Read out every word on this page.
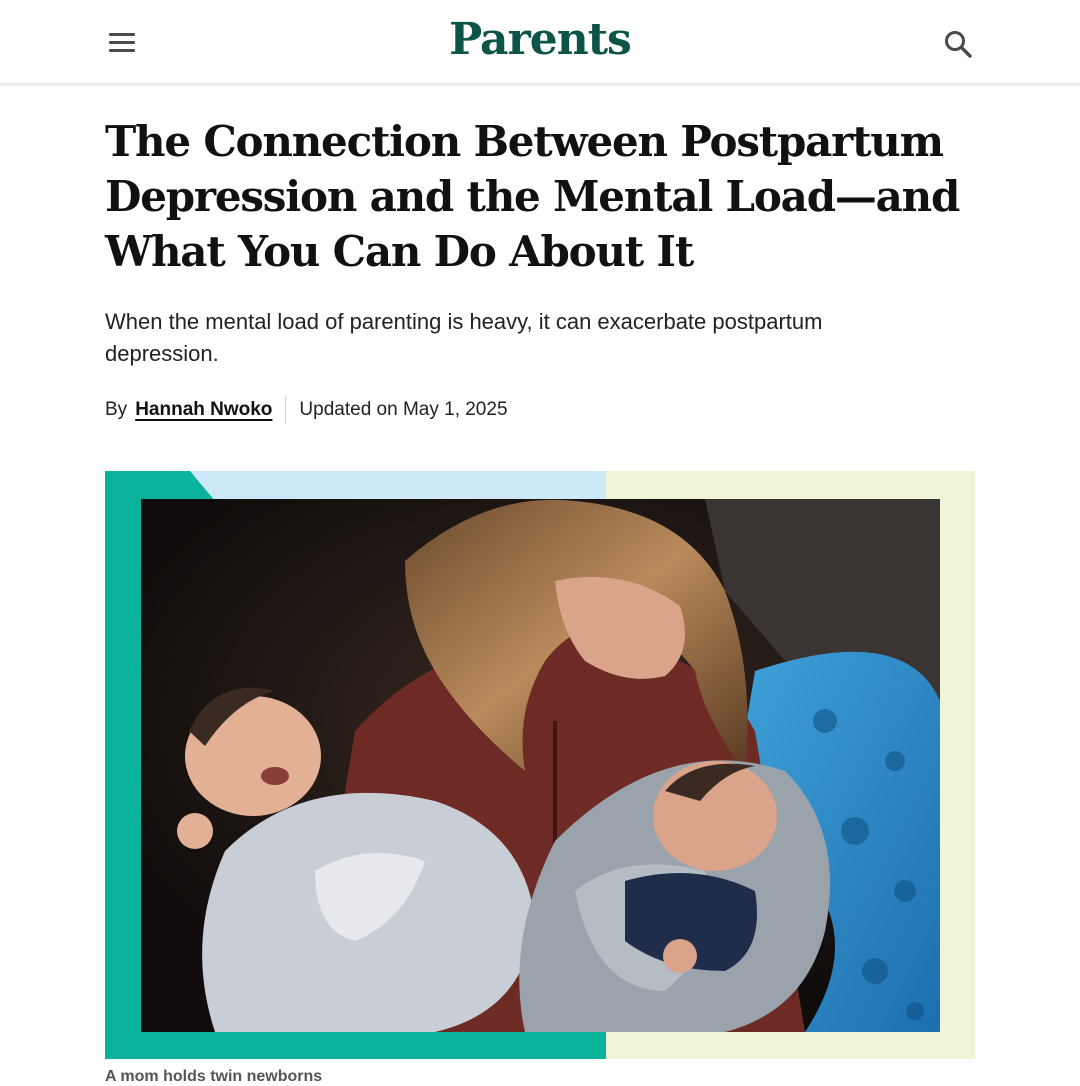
Parents
The Connection Between Postpartum
Depression and the Mental Load—and
What You Can Do About It

When the mental load of parenting is heavy, it can exacerbate postpartum depression.

By Hannah Nwoko Updated on May 1, 2025
A mom holds twin newborns
